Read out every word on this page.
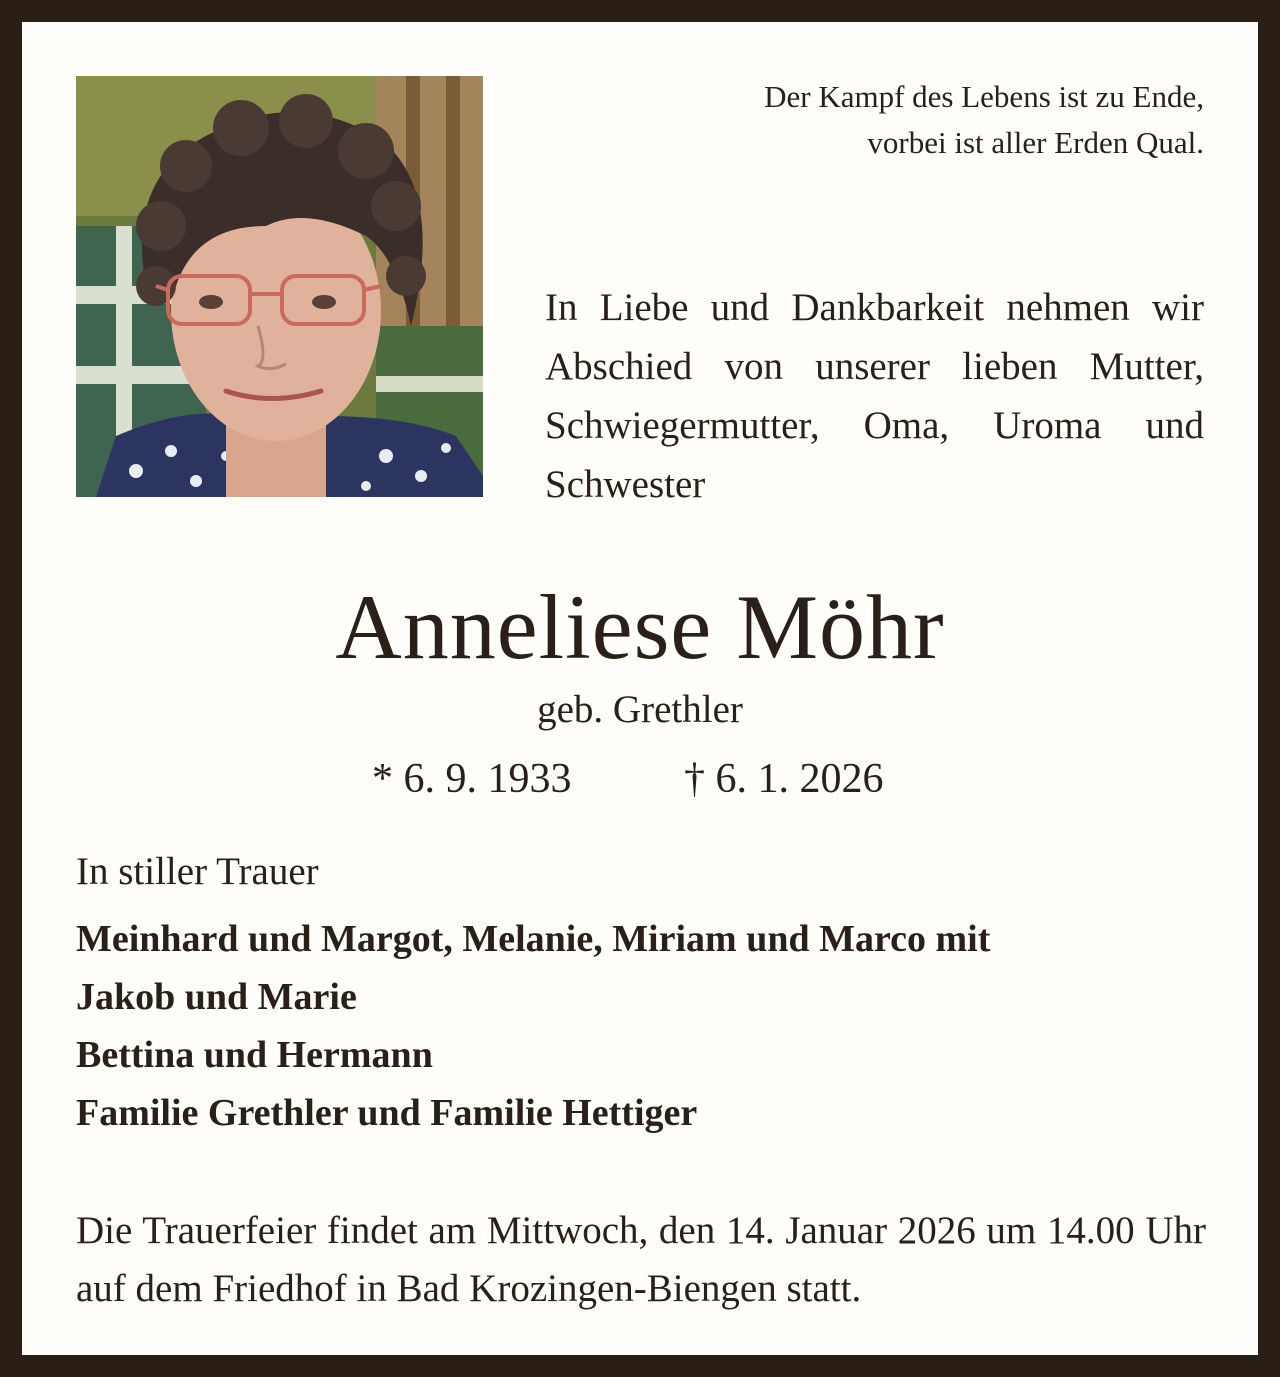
Der Kampf des Lebens ist zu Ende,
vorbei ist aller Erden Qual.
In Liebe und Dankbarkeit nehmen wir Abschied von unserer lieben Mutter, Schwiegermutter, Oma, Uroma und Schwester
Anneliese Möhr
geb. Grethler
* 6. 9. 1933	† 6. 1. 2026
In stiller Trauer
Meinhard und Margot, Melanie, Miriam und Marco mit
Jakob und Marie
Bettina und Hermann
Familie Grethler und Familie Hettiger
Die Trauerfeier findet am Mittwoch, den 14. Januar 2026 um 14.00 Uhr auf dem Friedhof in Bad Krozingen-Biengen statt.
